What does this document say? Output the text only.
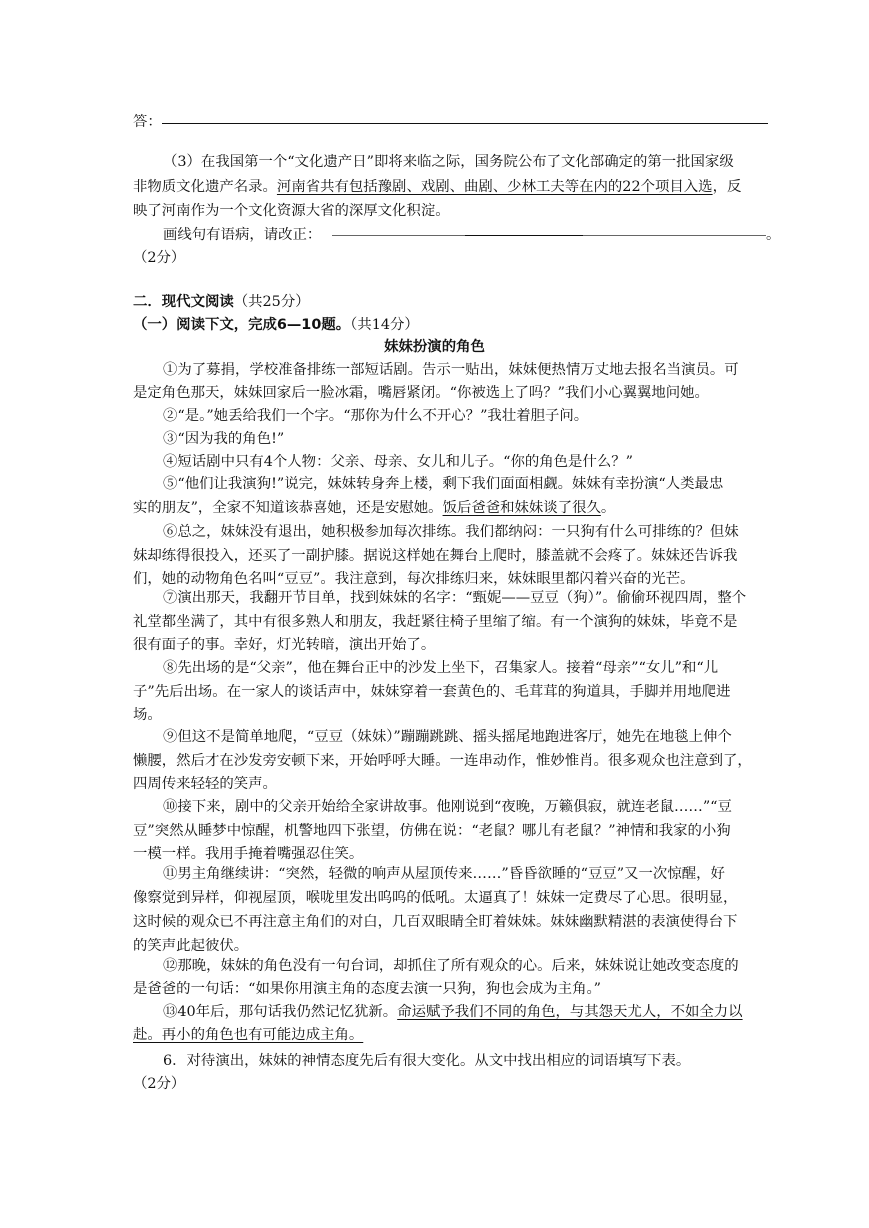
答：
（3）在我国第一个“文化遗产日”即将来临之际，国务院公布了文化部确定的第一批国家级
非物质文化遗产名录。河南省共有包括豫剧、戏剧、曲剧、少林工夫等在内的22个项目入选，反
映了河南作为一个文化资源大省的深厚文化积淀。
画线句有语病，请改正：	。
（2分）
二．现代文阅读（共25分）
（一）阅读下文，完成6—10题。（共14分）
妹妹扮演的角色
①为了募捐，学校准备排练一部短话剧。告示一贴出，妹妹便热情万丈地去报名当演员。可
是定角色那天，妹妹回家后一脸冰霜，嘴唇紧闭。“你被选上了吗？”我们小心翼翼地问她。
②“是。”她丢给我们一个字。“那你为什么不开心？”我壮着胆子问。
③“因为我的角色!”
④短话剧中只有4个人物：父亲、母亲、女儿和儿子。“你的角色是什么？”
⑤“他们让我演狗!”说完，妹妹转身奔上楼，剩下我们面面相觑。妹妹有幸扮演“人类最忠
实的朋友”，全家不知道该恭喜她，还是安慰她。饭后爸爸和妹妹谈了很久。
⑥总之，妹妹没有退出，她积极参加每次排练。我们都纳闷：一只狗有什么可排练的？但妹
妹却练得很投入，还买了一副护膝。据说这样她在舞台上爬时，膝盖就不会疼了。妹妹还告诉我
们，她的动物角色名叫“豆豆”。我注意到，每次排练归来，妹妹眼里都闪着兴奋的光芒。
⑦演出那天，我翻开节目单，找到妹妹的名字：“甄妮——豆豆（狗）”。偷偷环视四周，整个
礼堂都坐满了，其中有很多熟人和朋友，我赶紧往椅子里缩了缩。有一个演狗的妹妹，毕竟不是
很有面子的事。幸好，灯光转暗，演出开始了。
⑧先出场的是“父亲”，他在舞台正中的沙发上坐下，召集家人。接着“母亲”“女儿”和“儿
子”先后出场。在一家人的谈话声中，妹妹穿着一套黄色的、毛茸茸的狗道具，手脚并用地爬进
场。
⑨但这不是简单地爬，“豆豆（妹妹）”蹦蹦跳跳、摇头摇尾地跑进客厅，她先在地毯上伸个
懒腰，然后才在沙发旁安顿下来，开始呼呼大睡。一连串动作，惟妙惟肖。很多观众也注意到了，
四周传来轻轻的笑声。
⑩接下来，剧中的父亲开始给全家讲故事。他刚说到“夜晚，万籁俱寂，就连老鼠……”“豆
豆”突然从睡梦中惊醒，机警地四下张望，仿佛在说：“老鼠？哪儿有老鼠？”神情和我家的小狗
一模一样。我用手掩着嘴强忍住笑。
⑪男主角继续讲：“突然，轻微的响声从屋顶传来……”昏昏欲睡的“豆豆”又一次惊醒，好
像察觉到异样，仰视屋顶，喉咙里发出呜呜的低吼。太逼真了！妹妹一定费尽了心思。很明显，
这时候的观众已不再注意主角们的对白，几百双眼睛全盯着妹妹。妹妹幽默精湛的表演使得台下
的笑声此起彼伏。
⑫那晚，妹妹的角色没有一句台词，却抓住了所有观众的心。后来，妹妹说让她改变态度的
是爸爸的一句话：“如果你用演主角的态度去演一只狗，狗也会成为主角。”
⑬40年后，那句话我仍然记忆犹新。命运赋予我们不同的角色，与其怨天尤人，不如全力以
赴。再小的角色也有可能边成主角。
6．对待演出，妹妹的神情态度先后有很大变化。从文中找出相应的词语填写下表。
（2分）
